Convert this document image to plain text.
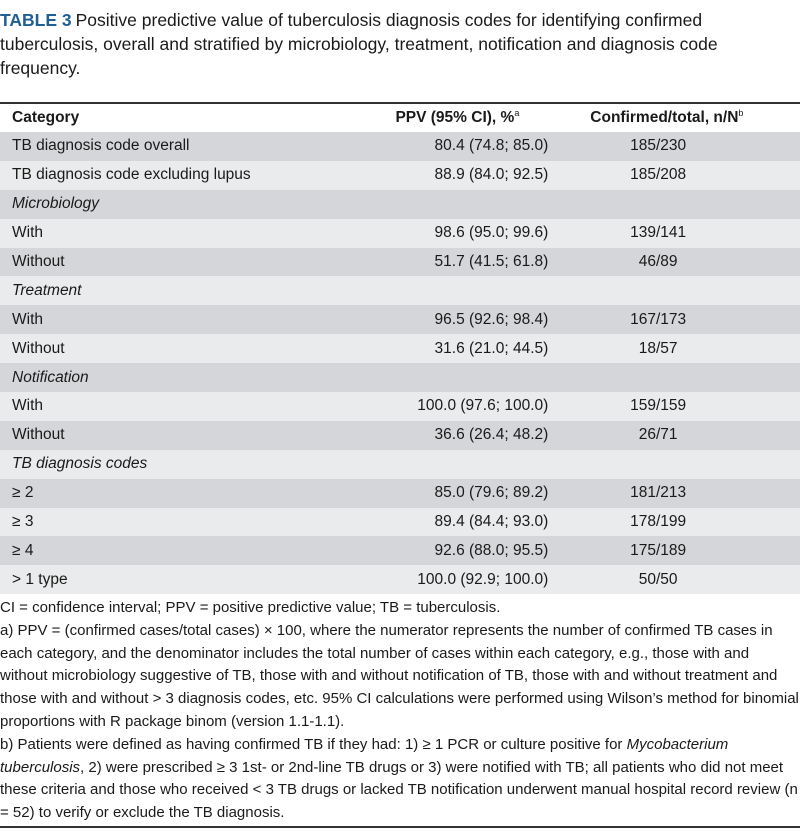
TABLE 3 Positive predictive value of tuberculosis diagnosis codes for identifying confirmed tuberculosis, overall and stratified by microbiology, treatment, notification and diagnosis code frequency.
Category	PPV (95% CI), %$^a$	Confirmed/total, $n/N^b$
TB diagnosis code overall	80.4 (74.8; 85.0)	185/230
TB diagnosis code excluding lupus	88.9 (84.0; 92.5)	185/208
Microbiology		
With	98.6 (95.0; 99.6)	139/141
Without	51.7 (41.5; 61.8)	46/89
Treatment		
With	96.5 (92.6; 98.4)	167/173
Without	31.6 (21.0; 44.5)	18/57
Notification		
With	100.0 (97.6; 100.0)	159/159
Without	36.6 (26.4; 48.2)	26/71
TB diagnosis codes		
≥ 2	85.0 (79.6; 89.2)	181/213
≥ 3	89.4 (84.4; 93.0)	178/199
≥ 4	92.6 (88.0; 95.5)	175/189
> 1 type	100.0 (92.9; 100.0)	50/50

CI = confidence interval; PPV = positive predictive value; TB = tuberculosis.

a) PPV = (confirmed cases/total cases) × 100, where the numerator represents the number of confirmed TB cases in each category, and the denominator includes the total number of cases within each category, e.g., those with and without microbiology suggestive of TB, those with and without notification of TB, those with and without treatment and those with and without > 3 diagnosis codes, etc. 95% CI calculations were performed using Wilson’s method for binomial proportions with R package binom (version 1.1-1.1).

b) Patients were defined as having confirmed TB if they had: 1) ≥ 1 PCR or culture positive for Mycobacterium tuberculosis, 2) were prescribed ≥ 3 1st- or 2nd-line TB drugs or 3) were notified with TB; all patients who did not meet these criteria and those who received < 3 TB drugs or lacked TB notification underwent manual hospital record review (n = 52) to verify or exclude the TB diagnosis.
